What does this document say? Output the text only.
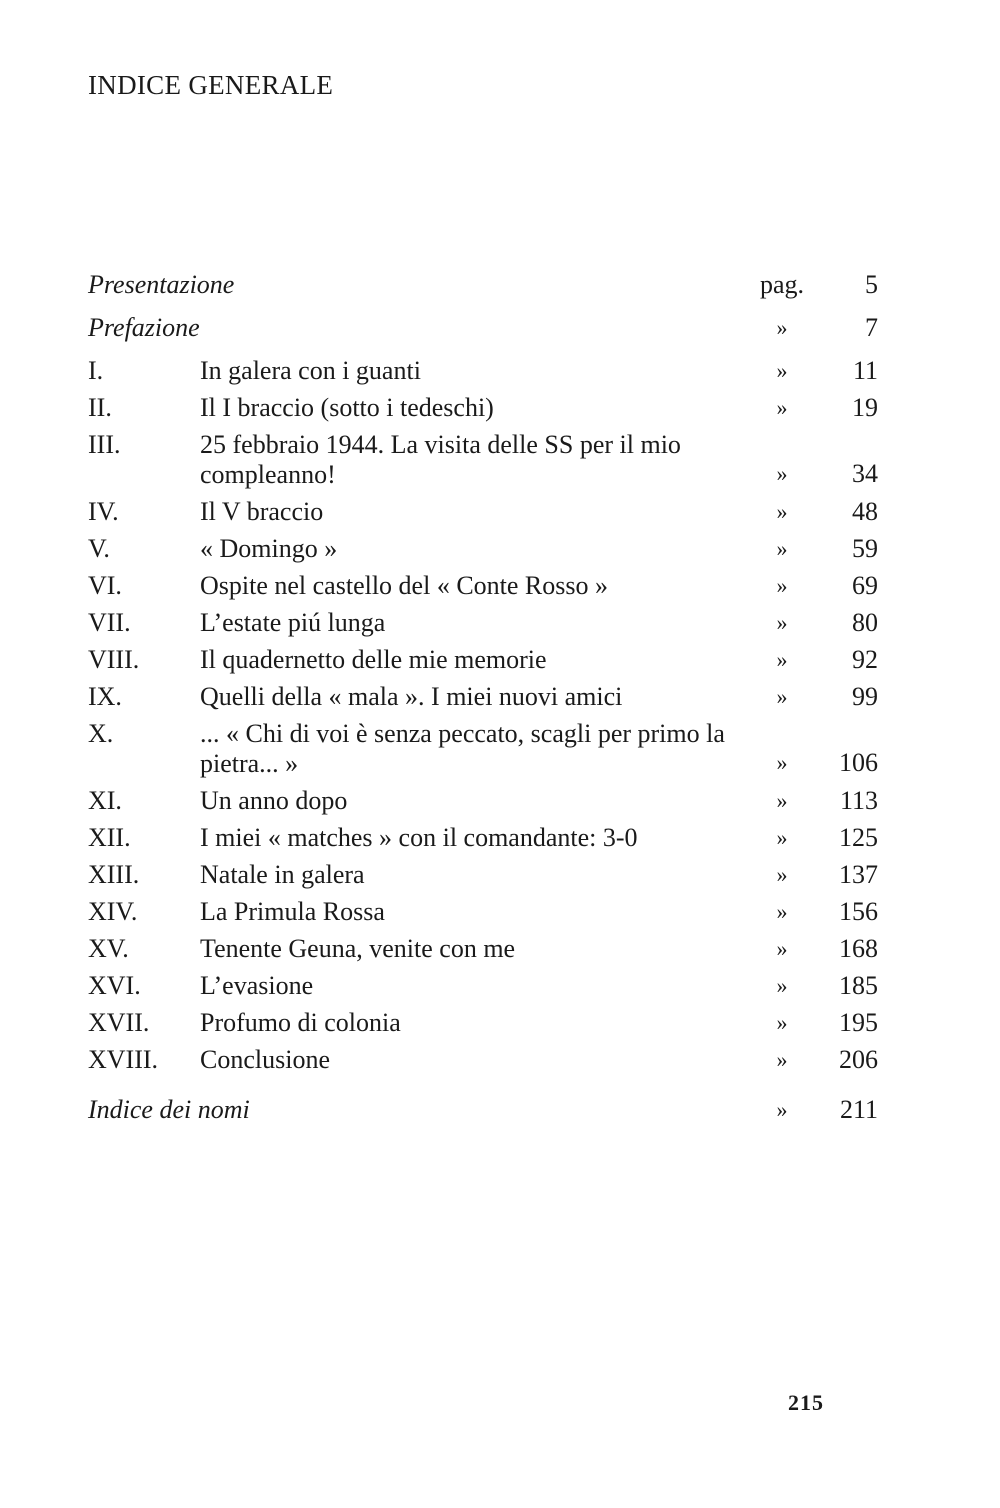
INDICE GENERALE
Presentazione	pag.	5
Prefazione	»	7
I.	In galera con i guanti	»	11
II.	Il I braccio (sotto i tedeschi)	»	19
III.	25 febbraio 1944. La visita delle SS per il mio compleanno!	»	34
IV.	Il V braccio	»	48
V.	« Domingo »	»	59
VI.	Ospite nel castello del « Conte Rosso »	»	69
VII.	L’estate piú lunga	»	80
VIII.	Il quadernetto delle mie memorie	»	92
IX.	Quelli della « mala ». I miei nuovi amici	»	99
X.	... « Chi di voi è senza peccato, scagli per primo la pietra... »	»	106
XI.	Un anno dopo	»	113
XII.	I miei « matches » con il comandante: 3-0	»	125
XIII.	Natale in galera	»	137
XIV.	La Primula Rossa	»	156
XV.	Tenente Geuna, venite con me	»	168
XVI.	L’evasione	»	185
XVII.	Profumo di colonia	»	195
XVIII.	Conclusione	»	206
Indice dei nomi	»	211
215
